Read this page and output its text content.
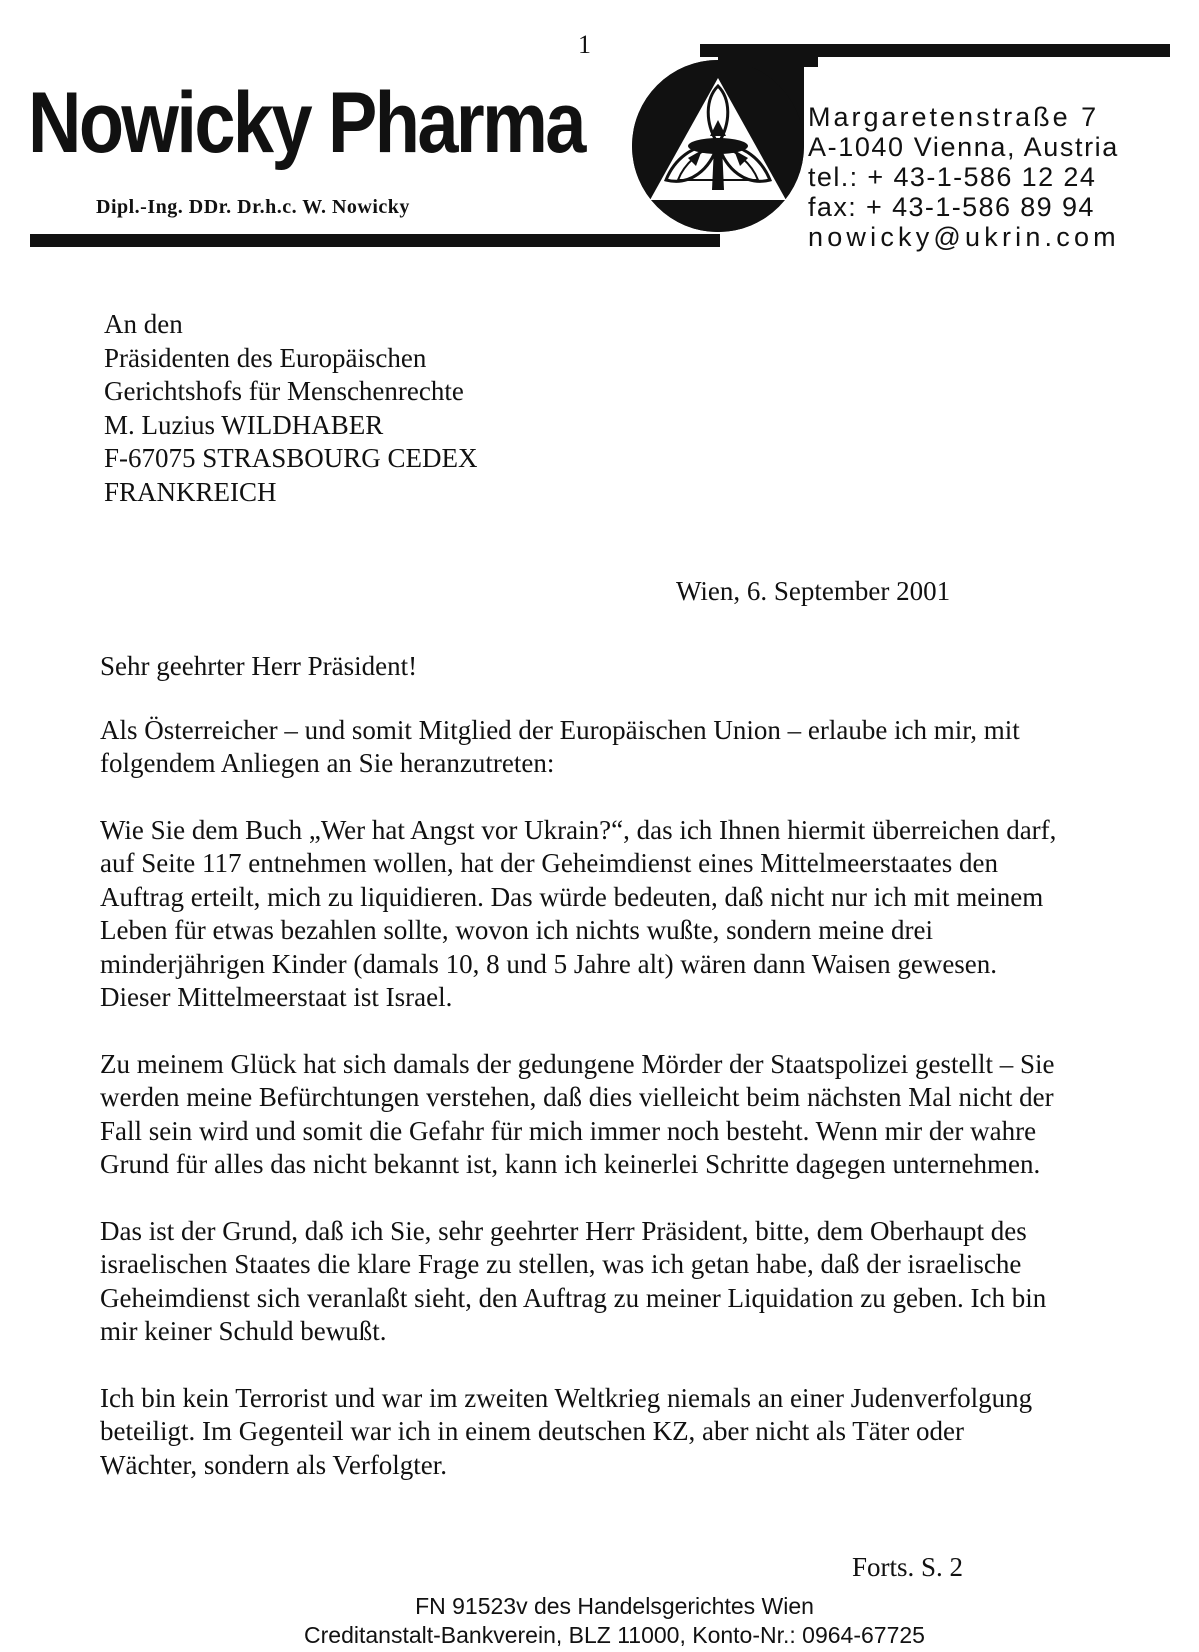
1
Nowicky Pharma
Dipl.-Ing. DDr. Dr.h.c. W. Nowicky
Margaretenstraße 7
A-1040 Vienna, Austria
tel.: + 43-1-586 12 24
fax: + 43-1-586 89 94
nowicky@ukrin.com
An den
Präsidenten des Europäischen
Gerichtshofs für Menschenrechte
M. Luzius WILDHABER
F-67075 STRASBOURG CEDEX
FRANKREICH
Wien, 6. September 2001

Sehr geehrter Herr Präsident!

Als Österreicher – und somit Mitglied der Europäischen Union – erlaube ich mir, mit folgendem Anliegen an Sie heranzutreten:

Wie Sie dem Buch „Wer hat Angst vor Ukrain?“, das ich Ihnen hiermit überreichen darf, auf Seite 117 entnehmen wollen, hat der Geheimdienst eines Mittelmeerstaates den Auftrag erteilt, mich zu liquidieren. Das würde bedeuten, daß nicht nur ich mit meinem Leben für etwas bezahlen sollte, wovon ich nichts wußte, sondern meine drei minderjährigen Kinder (damals 10, 8 und 5 Jahre alt) wären dann Waisen gewesen. Dieser Mittelmeerstaat ist Israel.

Zu meinem Glück hat sich damals der gedungene Mörder der Staatspolizei gestellt – Sie werden meine Befürchtungen verstehen, daß dies vielleicht beim nächsten Mal nicht der Fall sein wird und somit die Gefahr für mich immer noch besteht. Wenn mir der wahre Grund für alles das nicht bekannt ist, kann ich keinerlei Schritte dagegen unternehmen.

Das ist der Grund, daß ich Sie, sehr geehrter Herr Präsident, bitte, dem Oberhaupt des israelischen Staates die klare Frage zu stellen, was ich getan habe, daß der israelische Geheimdienst sich veranlaßt sieht, den Auftrag zu meiner Liquidation zu geben. Ich bin mir keiner Schuld bewußt.

Ich bin kein Terrorist und war im zweiten Weltkrieg niemals an einer Judenverfolgung beteiligt. Im Gegenteil war ich in einem deutschen KZ, aber nicht als Täter oder Wächter, sondern als Verfolgter.

Forts. S. 2
FN 91523v des Handelsgerichtes Wien
Creditanstalt-Bankverein, BLZ 11000, Konto-Nr.: 0964-67725
